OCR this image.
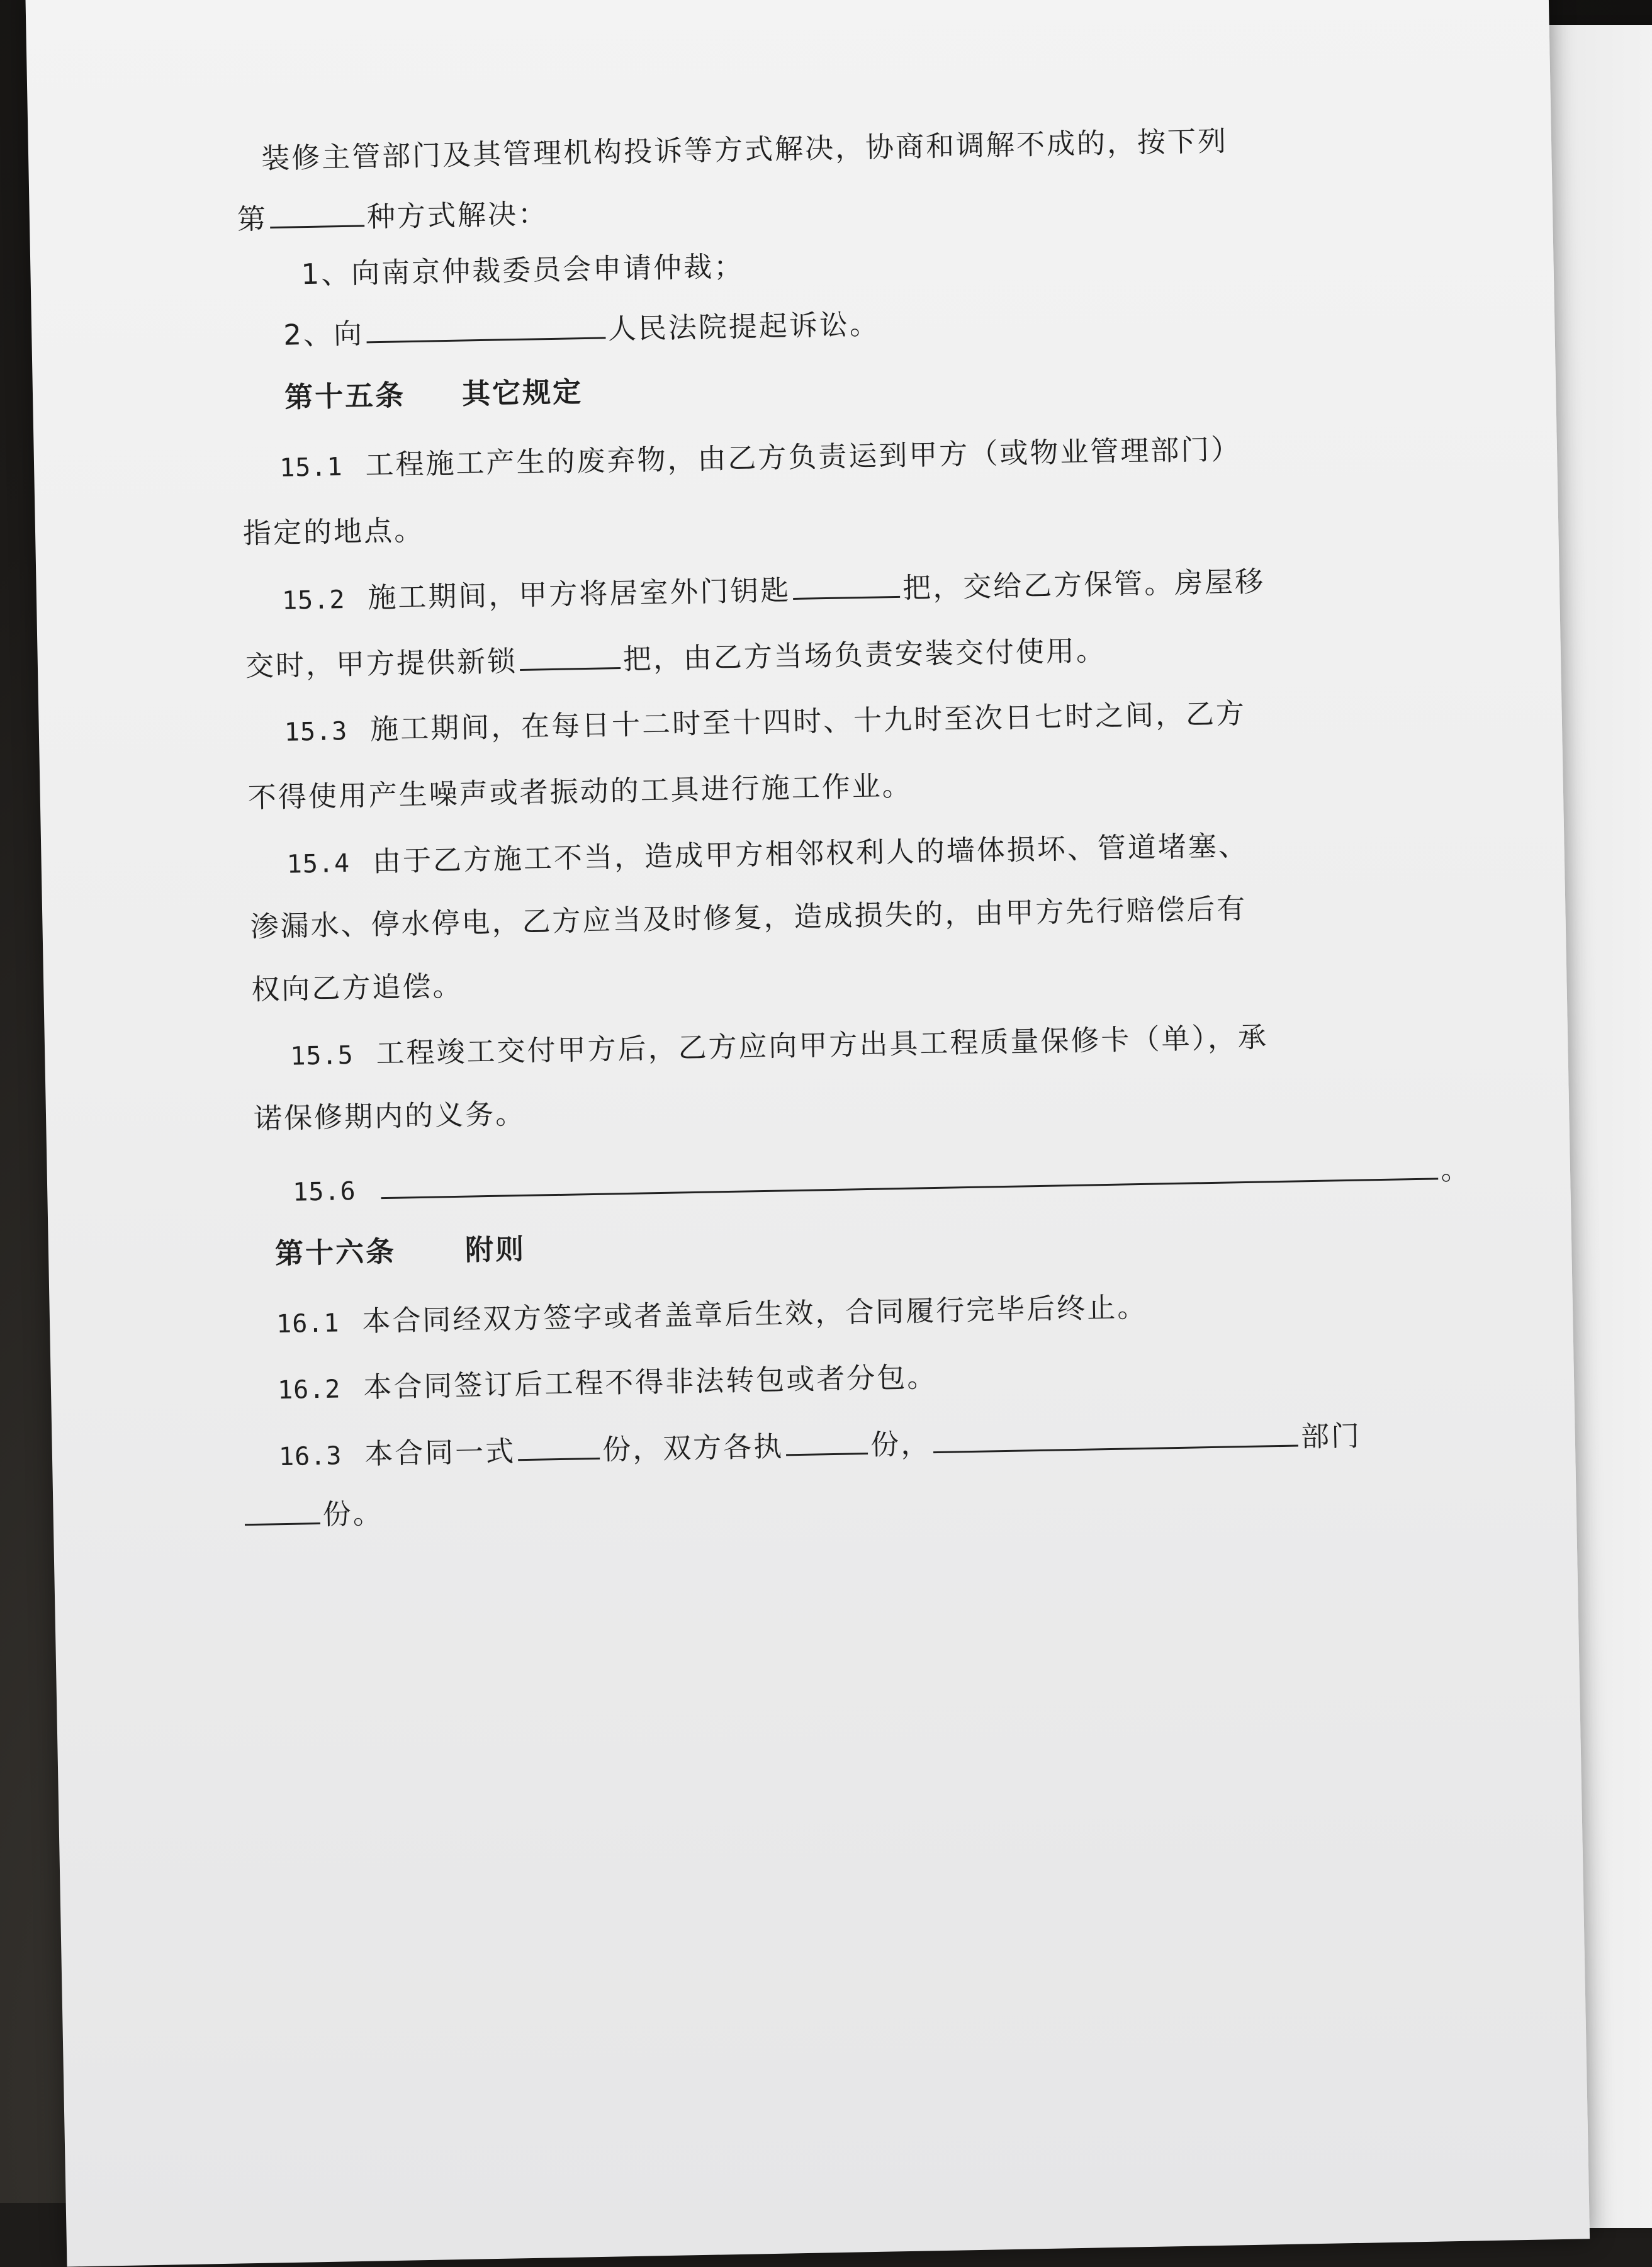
装修主管部门及其管理机构投诉等方式解决，协商和调解不成的，按下列
第	种方式解决：
1、向南京仲裁委员会申请仲裁；
2、向	人民法院提起诉讼。
第十五条 其它规定
15.1 工程施工产生的废弃物，由乙方负责运到甲方（或物业管理部门）
指定的地点。
15.2 施工期间，甲方将居室外门钥匙	把，交给乙方保管。房屋移
交时，甲方提供新锁	把，由乙方当场负责安装交付使用。
15.3 施工期间，在每日十二时至十四时、十九时至次日七时之间，乙方
不得使用产生噪声或者振动的工具进行施工作业。
15.4 由于乙方施工不当，造成甲方相邻权利人的墙体损坏、管道堵塞、
渗漏水、停水停电，乙方应当及时修复，造成损失的，由甲方先行赔偿后有
权向乙方追偿。
15.5 工程竣工交付甲方后，乙方应向甲方出具工程质量保修卡（单），承
诺保修期内的义务。
15.6。
第十六条 附则
16.1 本合同经双方签字或者盖章后生效，合同履行完毕后终止。
16.2 本合同签订后工程不得非法转包或者分包。
16.3 本合同一式	份，双方各执	份，	部门
份。
